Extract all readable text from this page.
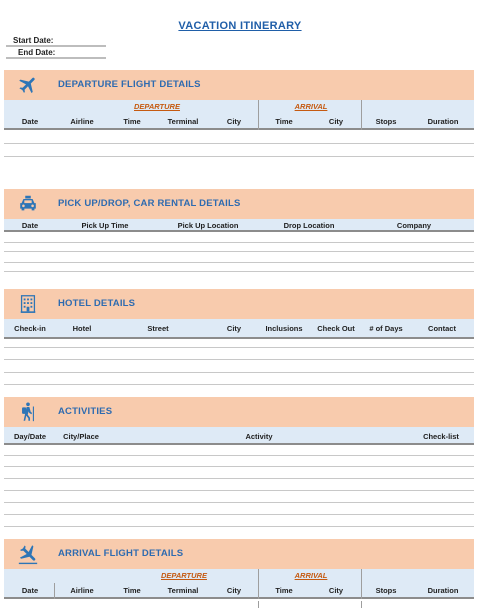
VACATION ITINERARY
Start Date:
End Date:
DEPARTURE FLIGHT DETAILS
DEPARTURE	ARRIVAL
Date	Airline	Time	Terminal	City	Time	City	Stops	Duration
PICK UP/DROP, CAR RENTAL DETAILS
Date	Pick Up Time	Pick Up Location	Drop Location	Company
HOTEL DETAILS
Check-in	Hotel	Street	City	Inclusions	Check Out	# of Days	Contact
ACTIVITIES
Day/Date	City/Place	Activity	Check-list
ARRIVAL FLIGHT DETAILS
DEPARTURE	ARRIVAL
Date	Airline	Time	Terminal	City	Time	City	Stops	Duration
